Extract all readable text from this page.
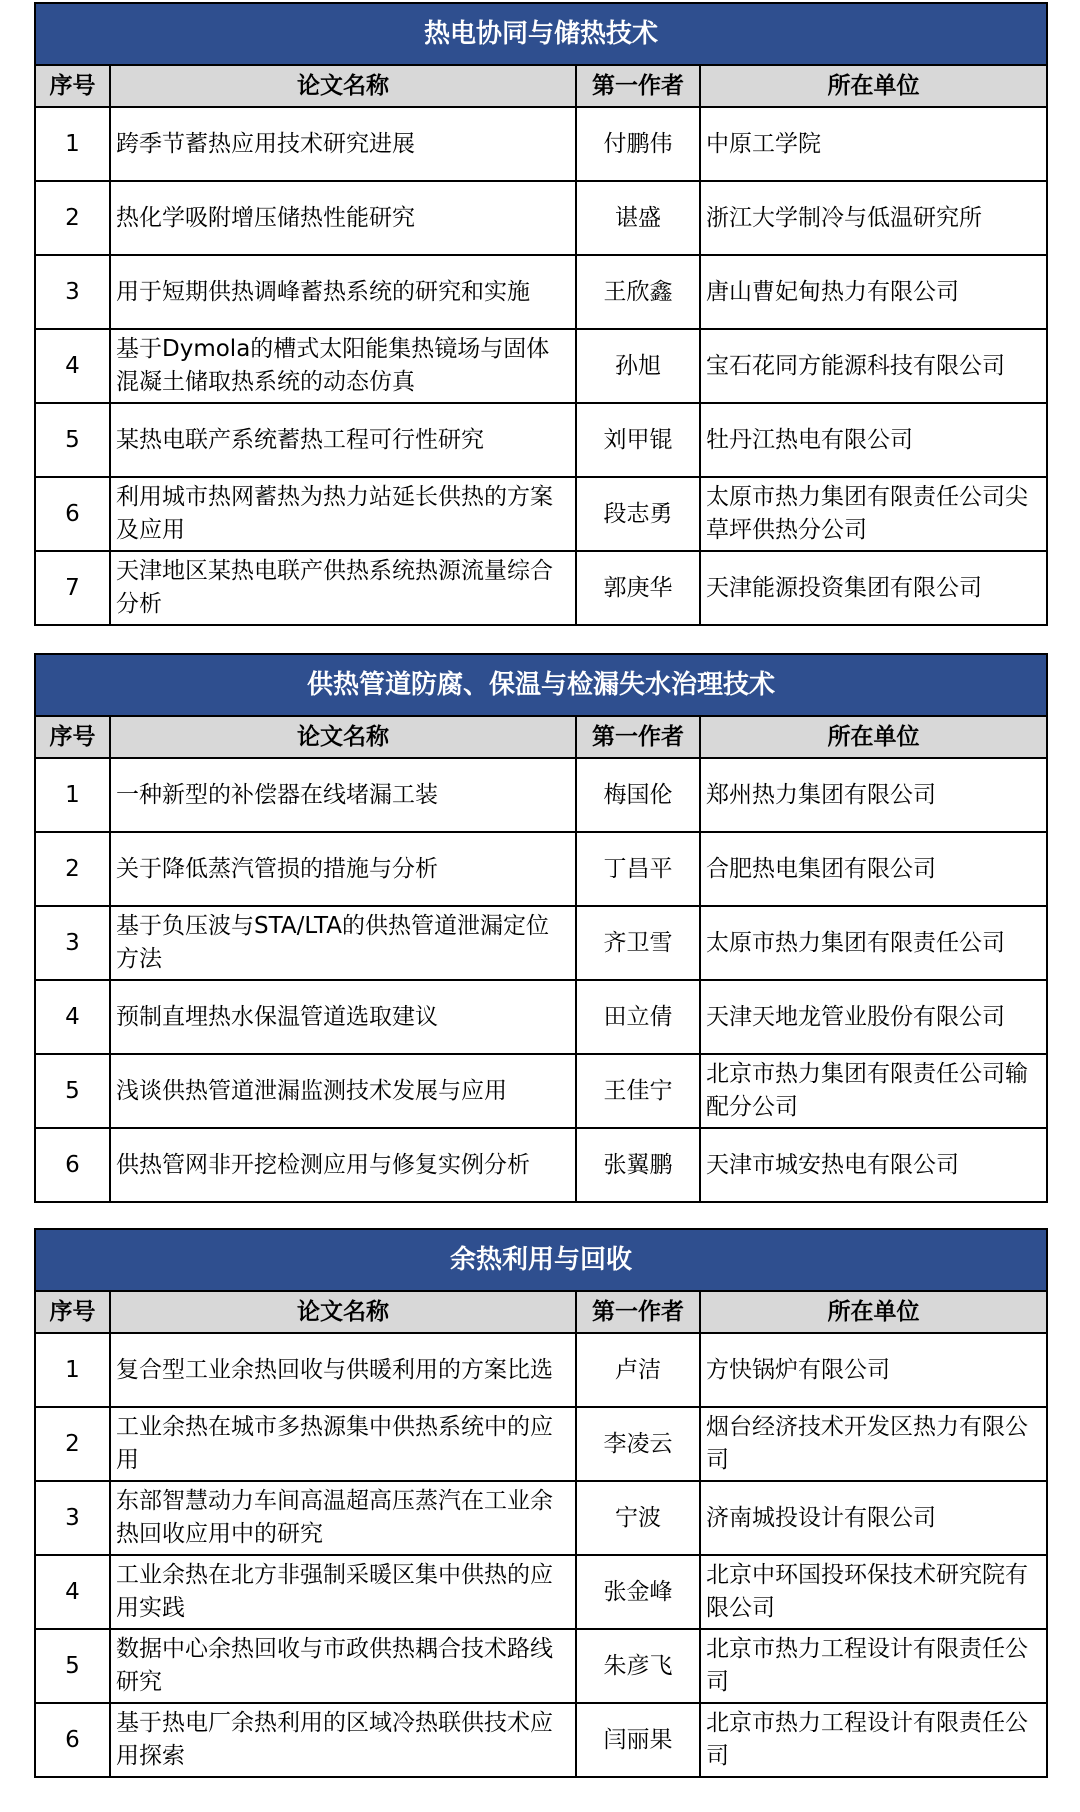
热电协同与储热技术			
序号	论文名称	第一作者	所在单位
1	跨季节蓄热应用技术研究进展	付鹏伟	中原工学院
2	热化学吸附增压储热性能研究	谌盛	浙江大学制冷与低温研究所
3	用于短期供热调峰蓄热系统的研究和实施	王欣鑫	唐山曹妃甸热力有限公司
4	基于Dymola的槽式太阳能集热镜场与固体混凝土储取热系统的动态仿真	孙旭	宝石花同方能源科技有限公司
5	某热电联产系统蓄热工程可行性研究	刘甲锟	牡丹江热电有限公司
6	利用城市热网蓄热为热力站延长供热的方案及应用	段志勇	太原市热力集团有限责任公司尖草坪供热分公司
7	天津地区某热电联产供热系统热源流量综合分析	郭庚华	天津能源投资集团有限公司
供热管道防腐、保温与检漏失水治理技术			
序号	论文名称	第一作者	所在单位
1	一种新型的补偿器在线堵漏工装	梅国伦	郑州热力集团有限公司
2	关于降低蒸汽管损的措施与分析	丁昌平	合肥热电集团有限公司
3	基于负压波与STA/LTA的供热管道泄漏定位方法	齐卫雪	太原市热力集团有限责任公司
4	预制直埋热水保温管道选取建议	田立倩	天津天地龙管业股份有限公司
5	浅谈供热管道泄漏监测技术发展与应用	王佳宁	北京市热力集团有限责任公司输配分公司
6	供热管网非开挖检测应用与修复实例分析	张翼鹏	天津市城安热电有限公司
余热利用与回收			
序号	论文名称	第一作者	所在单位
1	复合型工业余热回收与供暖利用的方案比选	卢洁	方快锅炉有限公司
2	工业余热在城市多热源集中供热系统中的应用	李凌云	烟台经济技术开发区热力有限公司
3	东部智慧动力车间高温超高压蒸汽在工业余热回收应用中的研究	宁波	济南城投设计有限公司
4	工业余热在北方非强制采暖区集中供热的应用实践	张金峰	北京中环国投环保技术研究院有限公司
5	数据中心余热回收与市政供热耦合技术路线研究	朱彦飞	北京市热力工程设计有限责任公司
6	基于热电厂余热利用的区域冷热联供技术应用探索	闫丽果	北京市热力工程设计有限责任公司
